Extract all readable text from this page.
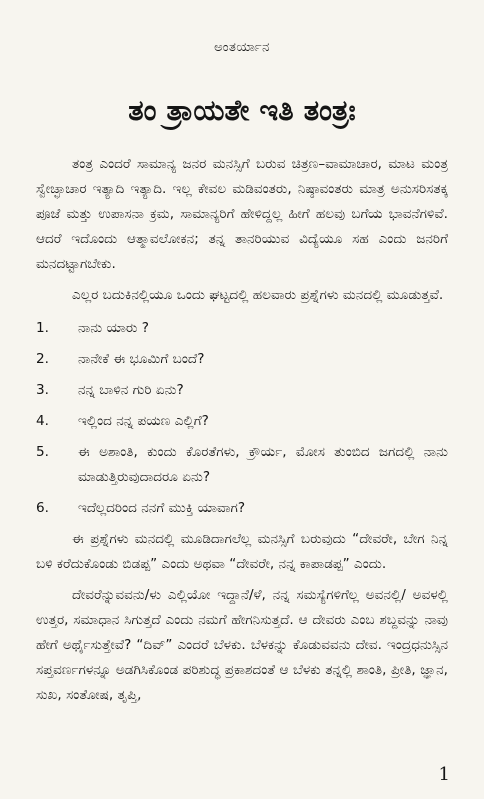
ಅಂತರ್ಯಾನ
ತಂ ತ್ರಾಯತೇ ಇತಿ ತಂತ್ರಃ

ತಂತ್ರ ಎಂದರೆ ಸಾಮಾನ್ಯ ಜನರ ಮನಸ್ಸಿಗೆ ಬರುವ ಚಿತ್ರಣ–ವಾಮಾಚಾರ, ಮಾಟ ಮಂತ್ರ ಸ್ವೇಚ್ಛಾಚಾರ ಇತ್ಯಾದಿ ಇತ್ಯಾದಿ. ಇಲ್ಲ ಕೇವಲ ಮಡಿವಂತರು, ನಿಷ್ಠಾವಂತರು ಮಾತ್ರ ಅನುಸರಿಸತಕ್ಕ ಪೂಜೆ ಮತ್ತು ಉಪಾಸನಾ ಕ್ರಮ, ಸಾಮಾನ್ಯರಿಗೆ ಹೇಳಿದ್ದಲ್ಲ ಹೀಗೆ ಹಲವು ಬಗೆಯ ಭಾವನೆಗಳಿವೆ. ಆದರೆ ಇದೊಂದು ಆತ್ಮಾವಲೋಕನ; ತನ್ನ ತಾನರಿಯುವ ವಿದ್ಯೆಯೂ ಸಹ ಎಂದು ಜನರಿಗೆ ಮನದಟ್ಟಾಗಬೇಕು.

ಎಲ್ಲರ ಬದುಕಿನಲ್ಲಿಯೂ ಒಂದು ಘಟ್ಟದಲ್ಲಿ ಹಲವಾರು ಪ್ರಶ್ನೆಗಳು ಮನದಲ್ಲಿ ಮೂಡುತ್ತವೆ.

1.	ನಾನು ಯಾರು ?
2.	ನಾನೇಕೆ ಈ ಭೂಮಿಗೆ ಬಂದೆ?
3.	ನನ್ನ ಬಾಳಿನ ಗುರಿ ಏನು?
4.	ಇಲ್ಲಿಂದ ನನ್ನ ಪಯಣ ಎಲ್ಲಿಗೆ?
5.	ಈ ಅಶಾಂತಿ, ಕುಂದು ಕೊರತೆಗಳು, ಕ್ರೌರ್ಯ, ಮೋಸ ತುಂಬಿದ ಜಗದಲ್ಲಿ ನಾನು ಮಾಡುತ್ತಿರುವುದಾದರೂ ಏನು?
6.	ಇದೆಲ್ಲದರಿಂದ ನನಗೆ ಮುಕ್ತಿ ಯಾವಾಗ?

ಈ ಪ್ರಶ್ನೆಗಳು ಮನದಲ್ಲಿ ಮೂಡಿದಾಗಲೆಲ್ಲ ಮನಸ್ಸಿಗೆ ಬರುವುದು “ದೇವರೇ, ಬೇಗ ನಿನ್ನ ಬಳಿ ಕರೆದುಕೊಂಡು ಬಿಡಪ್ಪ” ಎಂದು ಅಥವಾ “ದೇವರೇ, ನನ್ನ ಕಾಪಾಡಪ್ಪ” ಎಂದು.

ದೇವರೆನ್ನುವವನು/ಳು ಎಲ್ಲಿಯೋ ಇದ್ದಾನೆ/ಳೆ, ನನ್ನ ಸಮಸ್ಯೆಗಳಿಗೆಲ್ಲ ಅವನಲ್ಲಿ/ ಅವಳಲ್ಲಿ ಉತ್ತರ, ಸಮಾಧಾನ ಸಿಗುತ್ತದೆ ಎಂದು ನಮಗೆ ಹೇಗನಿಸುತ್ತದೆ. ಆ ದೇವರು ಎಂಬ ಶಬ್ದವನ್ನು ನಾವು ಹೇಗೆ ಅರ್ಥೈಸುತ್ತೇವೆ? “ದಿವ್” ಎಂದರೆ ಬೆಳಕು. ಬೆಳಕನ್ನು ಕೊಡುವವನು ದೇವ. ಇಂದ್ರಧನುಸ್ಸಿನ ಸಪ್ತವರ್ಣಗಳನ್ನೂ ಅಡಗಿಸಿಕೊಂಡ ಪರಿಶುದ್ಧ ಪ್ರಕಾಶದಂತೆ ಆ ಬೆಳಕು ತನ್ನಲ್ಲಿ ಶಾಂತಿ, ಪ್ರೀತಿ, ಜ್ಞಾನ, ಸುಖ, ಸಂತೋಷ, ತೃಪ್ತಿ,

1
